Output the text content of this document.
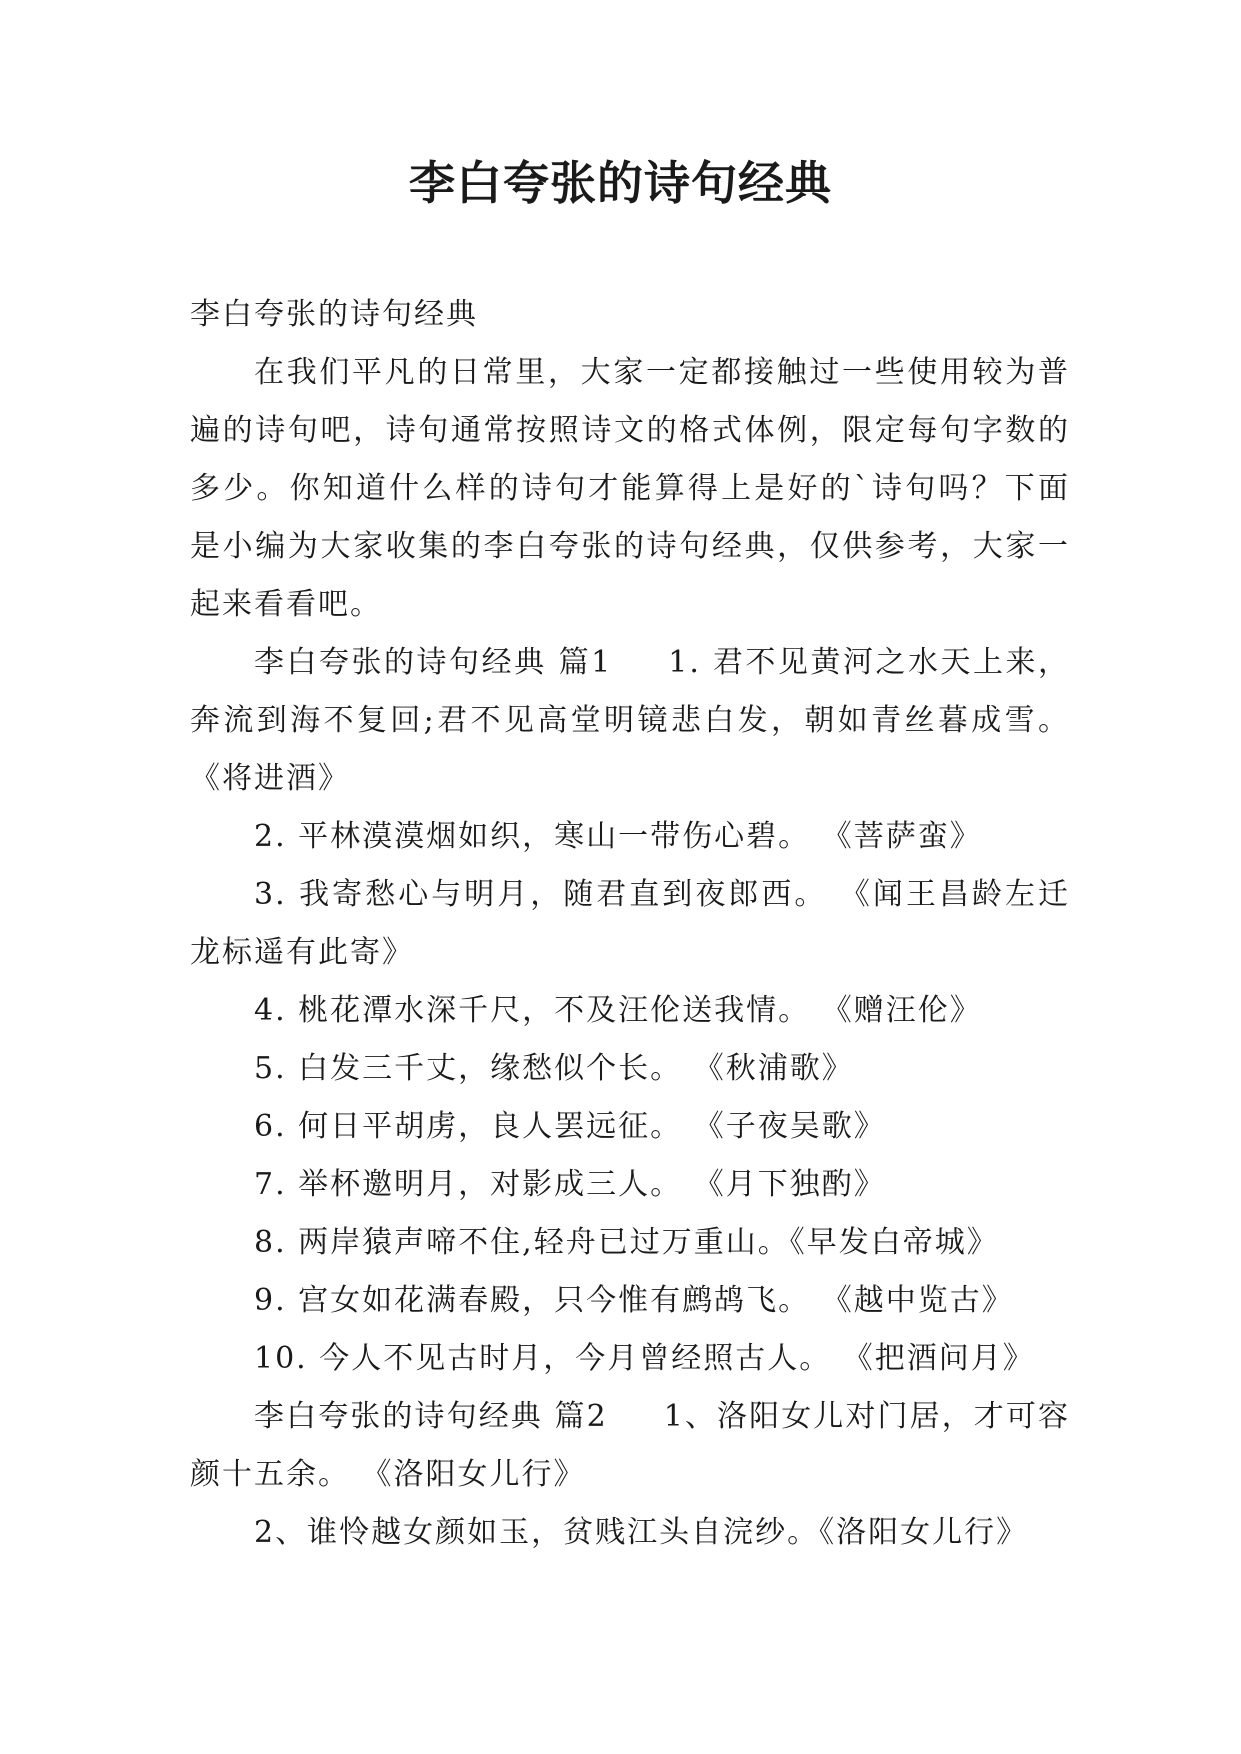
李白夸张的诗句经典

李白夸张的诗句经典

在我们平凡的日常里，大家一定都接触过一些使用较为普遍的诗句吧，诗句通常按照诗文的格式体例，限定每句字数的多少。你知道什么样的诗句才能算得上是好的`诗句吗？下面是小编为大家收集的李白夸张的诗句经典，仅供参考，大家一起来看看吧。

李白夸张的诗句经典 篇1 1. 君不见黄河之水天上来，奔流到海不复回;君不见高堂明镜悲白发，朝如青丝暮成雪。《将进酒》

2. 平林漠漠烟如织，寒山一带伤心碧。 《菩萨蛮》

3. 我寄愁心与明月，随君直到夜郎西。 《闻王昌龄左迁龙标遥有此寄》

4. 桃花潭水深千尺，不及汪伦送我情。 《赠汪伦》

5. 白发三千丈，缘愁似个长。 《秋浦歌》

6. 何日平胡虏，良人罢远征。 《子夜吴歌》

7. 举杯邀明月，对影成三人。 《月下独酌》

8. 两岸猿声啼不住,轻舟已过万重山。《早发白帝城》

9. 宫女如花满春殿，只今惟有鹧鸪飞。 《越中览古》

10. 今人不见古时月，今月曾经照古人。 《把酒问月》

李白夸张的诗句经典 篇2 1、洛阳女儿对门居，才可容颜十五余。 《洛阳女儿行》

2、谁怜越女颜如玉，贫贱江头自浣纱。《洛阳女儿行》
